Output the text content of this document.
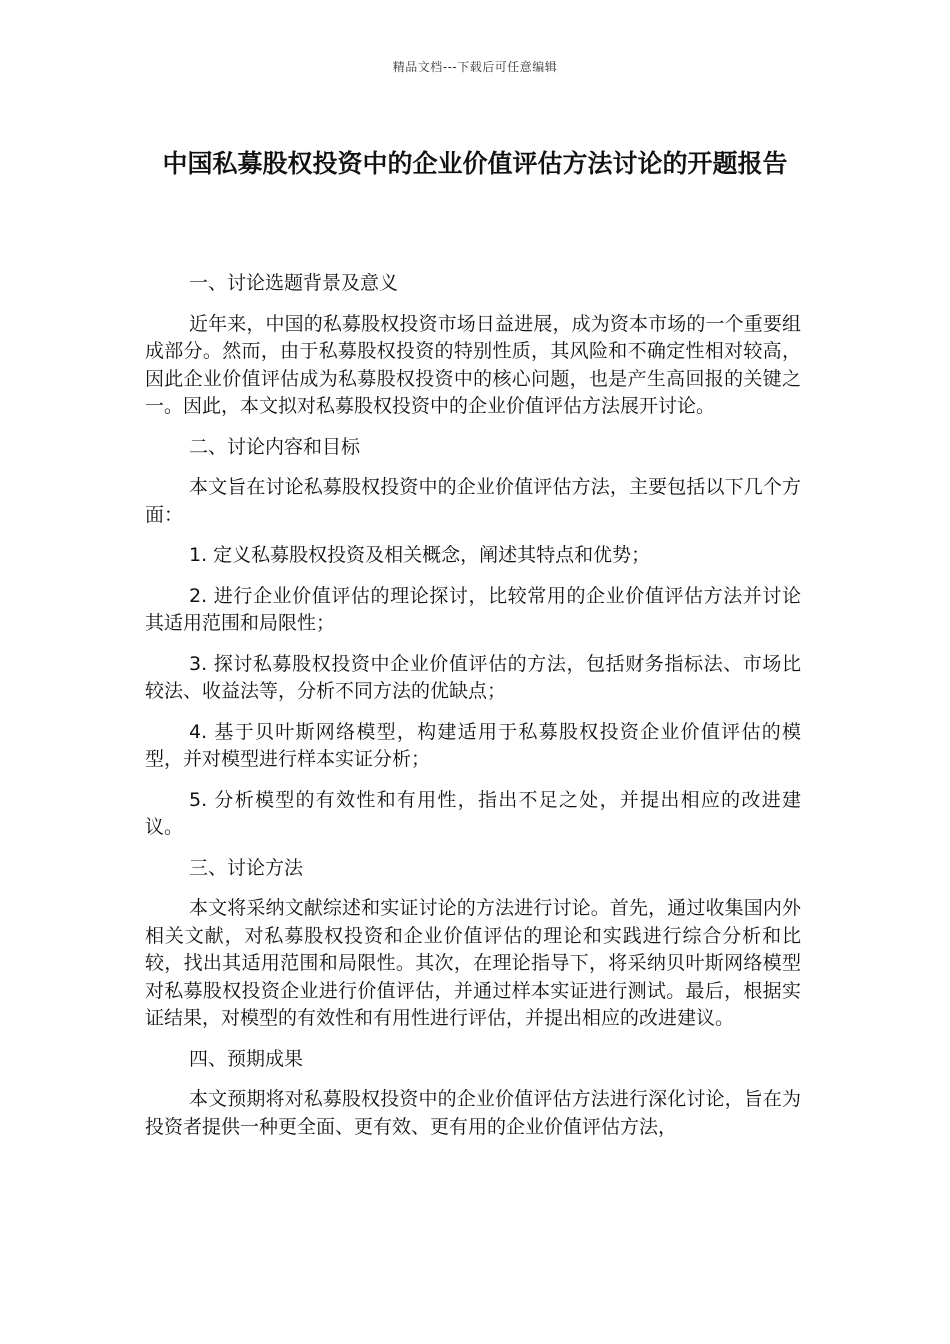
精品文档---下载后可任意编辑
中国私募股权投资中的企业价值评估方法讨论的开题报告
一、讨论选题背景及意义

近年来，中国的私募股权投资市场日益进展，成为资本市场的一个重要组成部分。然而，由于私募股权投资的特别性质，其风险和不确定性相对较高，因此企业价值评估成为私募股权投资中的核心问题，也是产生高回报的关键之一。因此，本文拟对私募股权投资中的企业价值评估方法展开讨论。

二、讨论内容和目标

本文旨在讨论私募股权投资中的企业价值评估方法，主要包括以下几个方面：

1. 定义私募股权投资及相关概念，阐述其特点和优势；

2. 进行企业价值评估的理论探讨，比较常用的企业价值评估方法并讨论其适用范围和局限性；

3. 探讨私募股权投资中企业价值评估的方法，包括财务指标法、市场比较法、收益法等，分析不同方法的优缺点；

4. 基于贝叶斯网络模型，构建适用于私募股权投资企业价值评估的模型，并对模型进行样本实证分析；

5. 分析模型的有效性和有用性，指出不足之处，并提出相应的改进建议。

三、讨论方法

本文将采纳文献综述和实证讨论的方法进行讨论。首先，通过收集国内外相关文献，对私募股权投资和企业价值评估的理论和实践进行综合分析和比较，找出其适用范围和局限性。其次，在理论指导下，将采纳贝叶斯网络模型对私募股权投资企业进行价值评估，并通过样本实证进行测试。最后，根据实证结果，对模型的有效性和有用性进行评估，并提出相应的改进建议。

四、预期成果

本文预期将对私募股权投资中的企业价值评估方法进行深化讨论，旨在为投资者提供一种更全面、更有效、更有用的企业价值评估方法，
